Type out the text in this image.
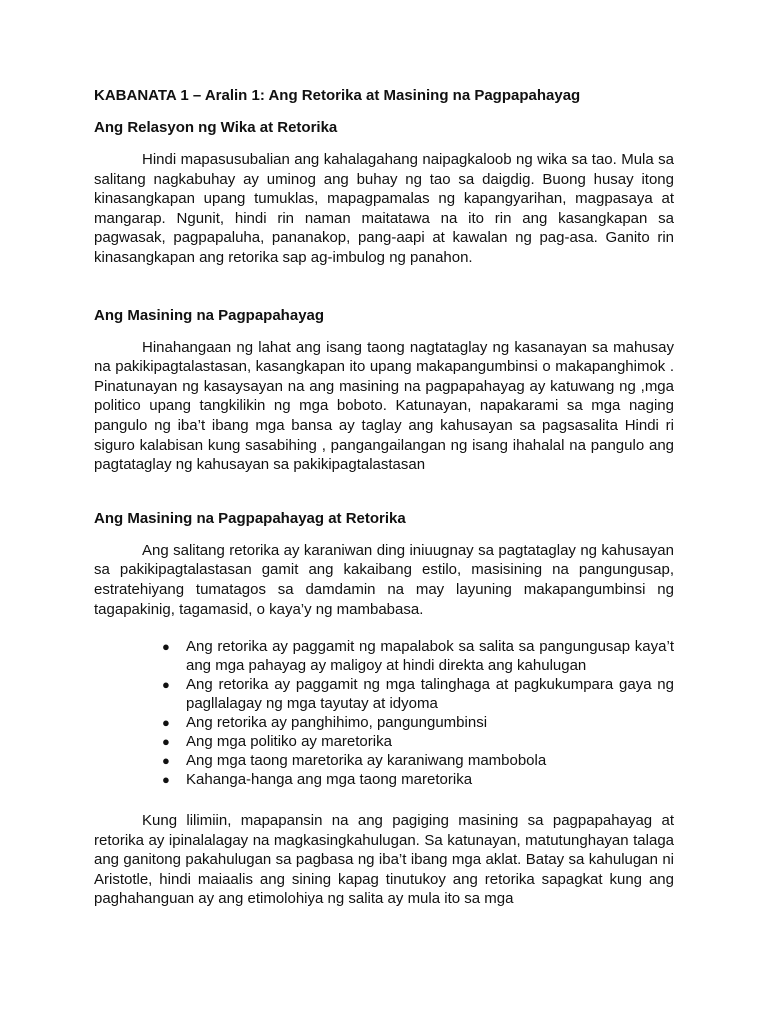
KABANATA 1 – Aralin 1: Ang Retorika at Masining na Pagpapahayag
Ang Relasyon ng Wika at Retorika

Hindi mapasusubalian ang kahalagahang naipagkaloob ng wika sa tao. Mula sa salitang nagkabuhay ay uminog ang buhay ng tao sa daigdig. Buong husay itong kinasangkapan upang tumuklas, mapagpamalas ng kapangyarihan, magpasaya at mangarap. Ngunit, hindi rin naman maitatawa na ito rin ang kasangkapan sa pagwasak, pagpapaluha, pananakop, pang-aapi at kawalan ng pag-asa. Ganito rin kinasangkapan ang retorika sap ag-imbulog ng panahon.

Ang Masining na Pagpapahayag

Hinahangaan ng lahat ang isang taong nagtataglay ng kasanayan sa mahusay na pakikipagtalastasan, kasangkapan ito upang makapangumbinsi o makapanghimok . Pinatunayan ng kasaysayan na ang masining na pagpapahayag ay katuwang ng ,mga politico upang tangkilikin ng mga boboto. Katunayan, napakarami sa mga naging pangulo ng iba’t ibang mga bansa ay taglay ang kahusayan sa pagsasalita Hindi ri siguro kalabisan kung sasabihing , pangangailangan ng isang ihahalal na pangulo ang pagtataglay ng kahusayan sa pakikipagtalastasan

Ang Masining na Pagpapahayag at Retorika

Ang salitang retorika ay karaniwan ding iniuugnay sa pagtataglay ng kahusayan sa pakikipagtalastasan gamit ang kakaibang estilo, masisining na pangungusap, estratehiyang tumatagos sa damdamin na may layuning makapangumbinsi ng tagapakinig, tagamasid, o kaya’y ng mambabasa.

● Ang retorika ay paggamit ng mapalabok sa salita sa pangungusap kaya’t ang mga pahayag ay maligoy at hindi direkta ang kahulugan
● Ang retorika ay paggamit ng mga talinghaga at pagkukumpara gaya ng pagllalagay ng mga tayutay at idyoma
● Ang retorika ay panghihimo, pangungumbinsi
● Ang mga politiko ay maretorika
● Ang mga taong maretorika ay karaniwang mambobola
● Kahanga-hanga ang mga taong maretorika

Kung lilimiin, mapapansin na ang pagiging masining sa pagpapahayag at retorika ay ipinalalagay na magkasingkahulugan. Sa katunayan, matutunghayan talaga ang ganitong pakahulugan sa pagbasa ng iba’t ibang mga aklat. Batay sa kahulugan ni Aristotle, hindi maiaalis ang sining kapag tinutukoy ang retorika sapagkat kung ang paghahanguan ay ang etimolohiya ng salita ay mula ito sa mga
